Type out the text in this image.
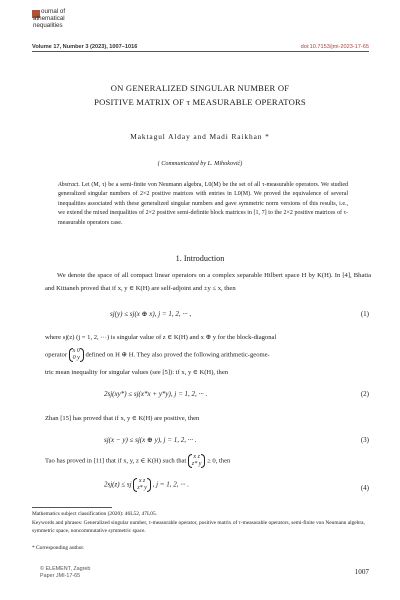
ournal of
athematical
nequalities
Volume 17, Number 3 (2023), 1007–1016	doi:10.7153/jmi-2023-17-65
ON GENERALIZED SINGULAR NUMBER OF
POSITIVE MATRIX OF τ MEASURABLE OPERATORS
Maktagul Alday and Madi Raikhan *
( Communicated by L. Mihoković)
Abstract. Let (M, τ) be a semi-finite von Neumann algebra, L0(M) be the set of all τ-measurable operators. We studied generalized singular numbers of 2×2 positive matrices with entries in L0(M). We proved the equivalence of several inequalities associated with these generalized singular numbers and gave symmetric norm versions of this results, i.e., we extend the mixed inequalities of 2×2 positive semi-definite block matrices in [1, 7] to the 2×2 positive matrices of τ-measurable operators case.
1. Introduction
We denote the space of all compact linear operators on a complex separable Hilbert space H by K(H). In [4], Bhatia and Kittaneh proved that if x, y ∈ K(H) are self-adjoint and ±y ≤ x, then
sj(y) ≤ sj(x ⊕ x), j = 1, 2, ··· ,	(1)
where sj(z) (j = 1, 2, ···) is singular value of z ∈ K(H) and x ⊕ y for the block-diagonal
operator
x 0
0 y defined on H ⊕ H. They also proved the following arithmetic-geome-
tric mean inequality for singular values (see [5]): if x, y ∈ K(H), then
2sj(xy*) ≤ sj(x*x + y*y), j = 1, 2, ··· .	(2)
Zhan [15] has proved that if x, y ∈ K(H) are positive, then
sj(x − y) ≤ sj(x ⊕ y), j = 1, 2, ··· .	(3)
Tao has proved in [11] that if x, y, z ∈ K(H) such that
x z
z* y ≥ 0, then
2sj(z) ≤ sj x z
z* y , j = 1, 2, ··· .	(4)
Mathematics subject classification (2020): 46L52, 47L05.
Keywords and phrases: Generalized singular number, τ-measurable operator, positive matrix of τ-measurable operators, semi-finite von Neumann algebra, symmetric space, noncommutative symmetric space.
* Corresponding author.
© ELEMENT, Zagreb
Paper JMI-17-65	1007
